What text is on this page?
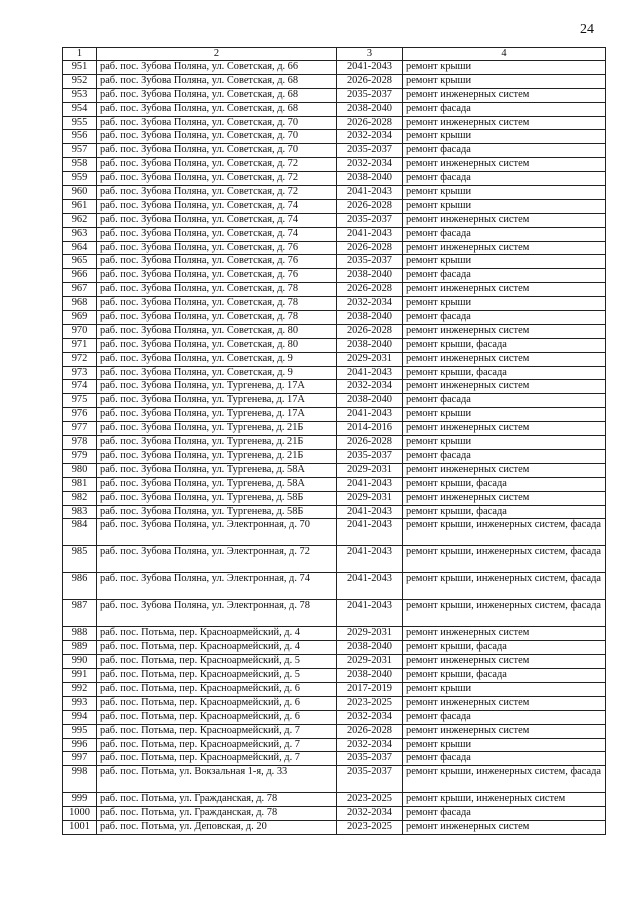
24
1	2	3	4
951	раб. пос. Зубова Поляна, ул. Советская, д. 66	2041-2043	ремонт крыши
952	раб. пос. Зубова Поляна, ул. Советская, д. 68	2026-2028	ремонт крыши
953	раб. пос. Зубова Поляна, ул. Советская, д. 68	2035-2037	ремонт инженерных систем
954	раб. пос. Зубова Поляна, ул. Советская, д. 68	2038-2040	ремонт фасада
955	раб. пос. Зубова Поляна, ул. Советская, д. 70	2026-2028	ремонт инженерных систем
956	раб. пос. Зубова Поляна, ул. Советская, д. 70	2032-2034	ремонт крыши
957	раб. пос. Зубова Поляна, ул. Советская, д. 70	2035-2037	ремонт фасада
958	раб. пос. Зубова Поляна, ул. Советская, д. 72	2032-2034	ремонт инженерных систем
959	раб. пос. Зубова Поляна, ул. Советская, д. 72	2038-2040	ремонт фасада
960	раб. пос. Зубова Поляна, ул. Советская, д. 72	2041-2043	ремонт крыши
961	раб. пос. Зубова Поляна, ул. Советская, д. 74	2026-2028	ремонт крыши
962	раб. пос. Зубова Поляна, ул. Советская, д. 74	2035-2037	ремонт инженерных систем
963	раб. пос. Зубова Поляна, ул. Советская, д. 74	2041-2043	ремонт фасада
964	раб. пос. Зубова Поляна, ул. Советская, д. 76	2026-2028	ремонт инженерных систем
965	раб. пос. Зубова Поляна, ул. Советская, д. 76	2035-2037	ремонт крыши
966	раб. пос. Зубова Поляна, ул. Советская, д. 76	2038-2040	ремонт фасада
967	раб. пос. Зубова Поляна, ул. Советская, д. 78	2026-2028	ремонт инженерных систем
968	раб. пос. Зубова Поляна, ул. Советская, д. 78	2032-2034	ремонт крыши
969	раб. пос. Зубова Поляна, ул. Советская, д. 78	2038-2040	ремонт фасада
970	раб. пос. Зубова Поляна, ул. Советская, д. 80	2026-2028	ремонт инженерных систем
971	раб. пос. Зубова Поляна, ул. Советская, д. 80	2038-2040	ремонт крыши, фасада
972	раб. пос. Зубова Поляна, ул. Советская, д. 9	2029-2031	ремонт инженерных систем
973	раб. пос. Зубова Поляна, ул. Советская, д. 9	2041-2043	ремонт крыши, фасада
974	раб. пос. Зубова Поляна, ул. Тургенева, д. 17А	2032-2034	ремонт инженерных систем
975	раб. пос. Зубова Поляна, ул. Тургенева, д. 17А	2038-2040	ремонт фасада
976	раб. пос. Зубова Поляна, ул. Тургенева, д. 17А	2041-2043	ремонт крыши
977	раб. пос. Зубова Поляна, ул. Тургенева, д. 21Б	2014-2016	ремонт инженерных систем
978	раб. пос. Зубова Поляна, ул. Тургенева, д. 21Б	2026-2028	ремонт крыши
979	раб. пос. Зубова Поляна, ул. Тургенева, д. 21Б	2035-2037	ремонт фасада
980	раб. пос. Зубова Поляна, ул. Тургенева, д. 58А	2029-2031	ремонт инженерных систем
981	раб. пос. Зубова Поляна, ул. Тургенева, д. 58А	2041-2043	ремонт крыши, фасада
982	раб. пос. Зубова Поляна, ул. Тургенева, д. 58Б	2029-2031	ремонт инженерных систем
983	раб. пос. Зубова Поляна, ул. Тургенева, д. 58Б	2041-2043	ремонт крыши, фасада
984	раб. пос. Зубова Поляна, ул. Электронная, д. 70	2041-2043	ремонт крыши, инженерных систем, фасада
985	раб. пос. Зубова Поляна, ул. Электронная, д. 72	2041-2043	ремонт крыши, инженерных систем, фасада
986	раб. пос. Зубова Поляна, ул. Электронная, д. 74	2041-2043	ремонт крыши, инженерных систем, фасада
987	раб. пос. Зубова Поляна, ул. Электронная, д. 78	2041-2043	ремонт крыши, инженерных систем, фасада
988	раб. пос. Потьма, пер. Красноармейский, д. 4	2029-2031	ремонт инженерных систем
989	раб. пос. Потьма, пер. Красноармейский, д. 4	2038-2040	ремонт крыши, фасада
990	раб. пос. Потьма, пер. Красноармейский, д. 5	2029-2031	ремонт инженерных систем
991	раб. пос. Потьма, пер. Красноармейский, д. 5	2038-2040	ремонт крыши, фасада
992	раб. пос. Потьма, пер. Красноармейский, д. 6	2017-2019	ремонт крыши
993	раб. пос. Потьма, пер. Красноармейский, д. 6	2023-2025	ремонт инженерных систем
994	раб. пос. Потьма, пер. Красноармейский, д. 6	2032-2034	ремонт фасада
995	раб. пос. Потьма, пер. Красноармейский, д. 7	2026-2028	ремонт инженерных систем
996	раб. пос. Потьма, пер. Красноармейский, д. 7	2032-2034	ремонт крыши
997	раб. пос. Потьма, пер. Красноармейский, д. 7	2035-2037	ремонт фасада
998	раб. пос. Потьма, ул. Вокзальная 1-я, д. 33	2035-2037	ремонт крыши, инженерных систем, фасада
999	раб. пос. Потьма, ул. Гражданская, д. 78	2023-2025	ремонт крыши, инженерных систем
1000	раб. пос. Потьма, ул. Гражданская, д. 78	2032-2034	ремонт фасада
1001	раб. пос. Потьма, ул. Деповская, д. 20	2023-2025	ремонт инженерных систем
